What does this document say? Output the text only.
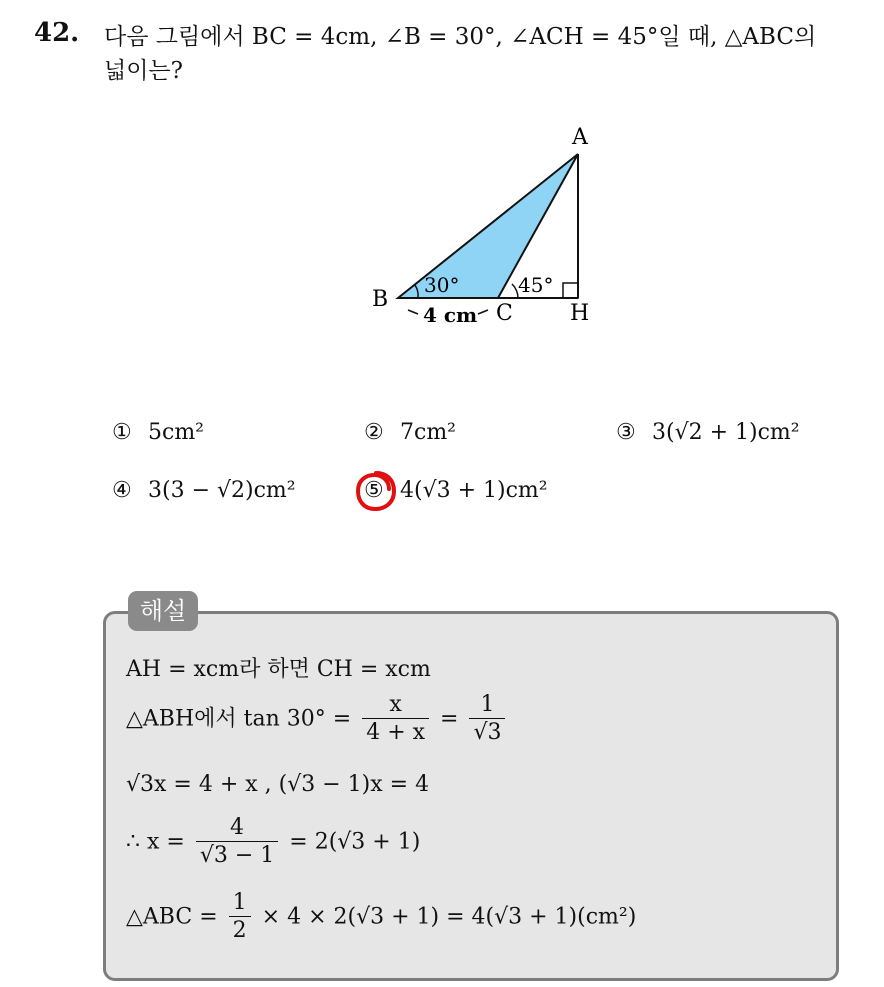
42. 다음 그림에서 BC = 4cm, ∠B = 30°, ∠ACH = 45°일 때, △ABC의
넓이는?
A
B
C	H
30°	45°
4 cm
① 5cm²	② 7cm²	③ 3(√2 + 1)cm²
④ 3(3 − √2)cm²	⑤ 4(√3 + 1)cm²
해설
AH = xcm라 하면 CH = xcm
△ABH에서 $\tan 30^\circ = \frac{x}{4 + x} = \frac{1}{√3}$
√3x = 4 + x , (√3 − 1)x = 4
∴ $x = \frac{4}{√3 - 1} = 2(√3 + 1)$
△ABC = $\frac{1}{2} \times 4 \times 2(√3 + 1) = 4(√3 + 1)(cm^2)$
